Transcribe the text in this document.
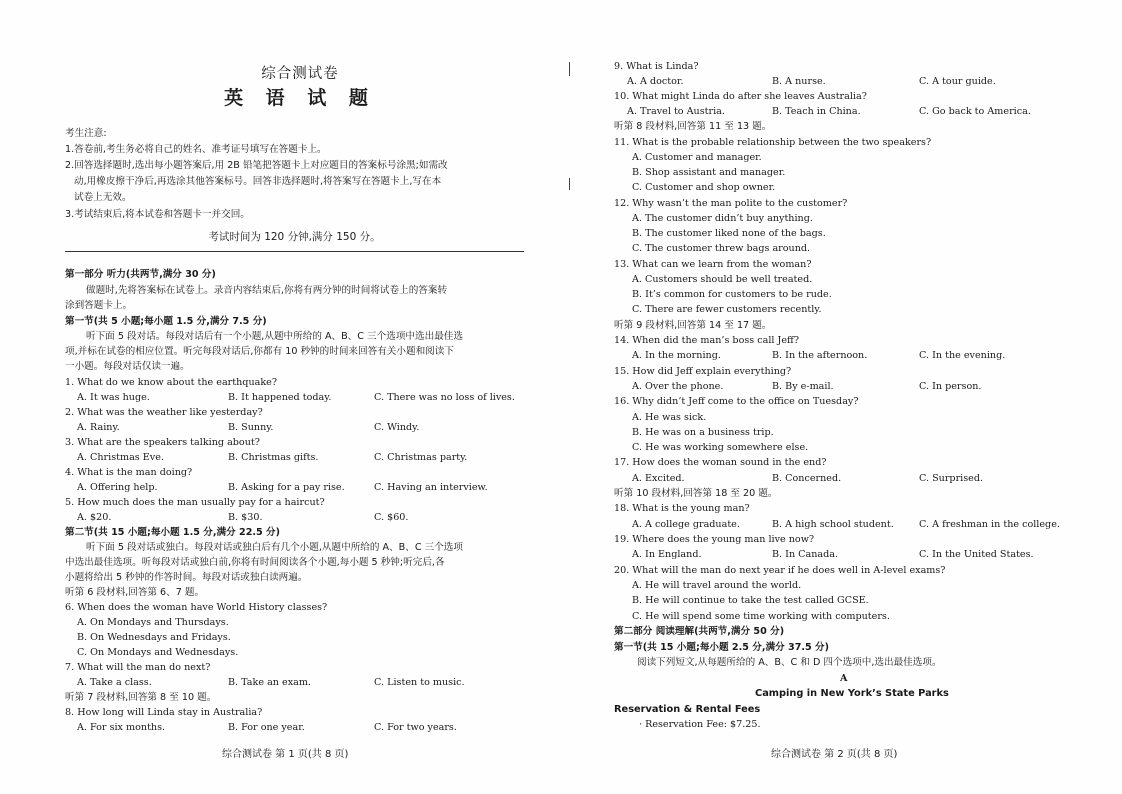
综合测试卷
英 语 试 题
考生注意:
1.答卷前,考生务必将自己的姓名、准考证号填写在答题卡上。
2.回答选择题时,选出每小题答案后,用 2B 铅笔把答题卡上对应题目的答案标号涂黑;如需改
动,用橡皮擦干净后,再选涂其他答案标号。回答非选择题时,将答案写在答题卡上,写在本
试卷上无效。
3.考试结束后,将本试卷和答题卡一并交回。
考试时间为 120 分钟,满分 150 分。
第一部分 听力(共两节,满分 30 分)
做题时,先将答案标在试卷上。录音内容结束后,你将有两分钟的时间将试卷上的答案转
涂到答题卡上。
第一节(共 5 小题;每小题 1.5 分,满分 7.5 分)
听下面 5 段对话。每段对话后有一个小题,从题中所给的 A、B、C 三个选项中选出最佳选
项,并标在试卷的相应位置。听完每段对话后,你都有 10 秒钟的时间来回答有关小题和阅读下
一小题。每段对话仅读一遍。
1. What do we know about the earthquake?
A. It was huge.	B. It happened today.	C. There was no loss of lives.
2. What was the weather like yesterday?
A. Rainy.	B. Sunny.	C. Windy.
3. What are the speakers talking about?
A. Christmas Eve.	B. Christmas gifts.	C. Christmas party.
4. What is the man doing?
A. Offering help.	B. Asking for a pay rise.	C. Having an interview.
5. How much does the man usually pay for a haircut?
A. $20.	B. $30.	C. $60.
第二节(共 15 小题;每小题 1.5 分,满分 22.5 分)
听下面 5 段对话或独白。每段对话或独白后有几个小题,从题中所给的 A、B、C 三个选项
中选出最佳选项。听每段对话或独白前,你将有时间阅读各个小题,每小题 5 秒钟;听完后,各
小题将给出 5 秒钟的作答时间。每段对话或独白读两遍。
听第 6 段材料,回答第 6、7 题。
6. When does the woman have World History classes?
A. On Mondays and Thursdays.
B. On Wednesdays and Fridays.
C. On Mondays and Wednesdays.
7. What will the man do next?
A. Take a class.	B. Take an exam.	C. Listen to music.
听第 7 段材料,回答第 8 至 10 题。
8. How long will Linda stay in Australia?
A. For six months.	B. For one year.	C. For two years.
综合测试卷 第 1 页(共 8 页)
9. What is Linda?
A. A doctor.	B. A nurse.	C. A tour guide.
10. What might Linda do after she leaves Australia?
A. Travel to Austria.	B. Teach in China.	C. Go back to America.
听第 8 段材料,回答第 11 至 13 题。
11. What is the probable relationship between the two speakers?
A. Customer and manager.
B. Shop assistant and manager.
C. Customer and shop owner.
12. Why wasn’t the man polite to the customer?
A. The customer didn’t buy anything.
B. The customer liked none of the bags.
C. The customer threw bags around.
13. What can we learn from the woman?
A. Customers should be well treated.
B. It’s common for customers to be rude.
C. There are fewer customers recently.
听第 9 段材料,回答第 14 至 17 题。
14. When did the man’s boss call Jeff?
A. In the morning.	B. In the afternoon.	C. In the evening.
15. How did Jeff explain everything?
A. Over the phone.	B. By e-mail.	C. In person.
16. Why didn’t Jeff come to the office on Tuesday?
A. He was sick.
B. He was on a business trip.
C. He was working somewhere else.
17. How does the woman sound in the end?
A. Excited.	B. Concerned.	C. Surprised.
听第 10 段材料,回答第 18 至 20 题。
18. What is the young man?
A. A college graduate.	B. A high school student.	C. A freshman in the college.
19. Where does the young man live now?
A. In England.	B. In Canada.	C. In the United States.
20. What will the man do next year if he does well in A-level exams?
A. He will travel around the world.
B. He will continue to take the test called GCSE.
C. He will spend some time working with computers.
第二部分 阅读理解(共两节,满分 50 分)
第一节(共 15 小题;每小题 2.5 分,满分 37.5 分)
阅读下列短文,从每题所给的 A、B、C 和 D 四个选项中,选出最佳选项。
A
Camping in New York’s State Parks
Reservation & Rental Fees
· Reservation Fee: $7.25.
综合测试卷 第 2 页(共 8 页)
